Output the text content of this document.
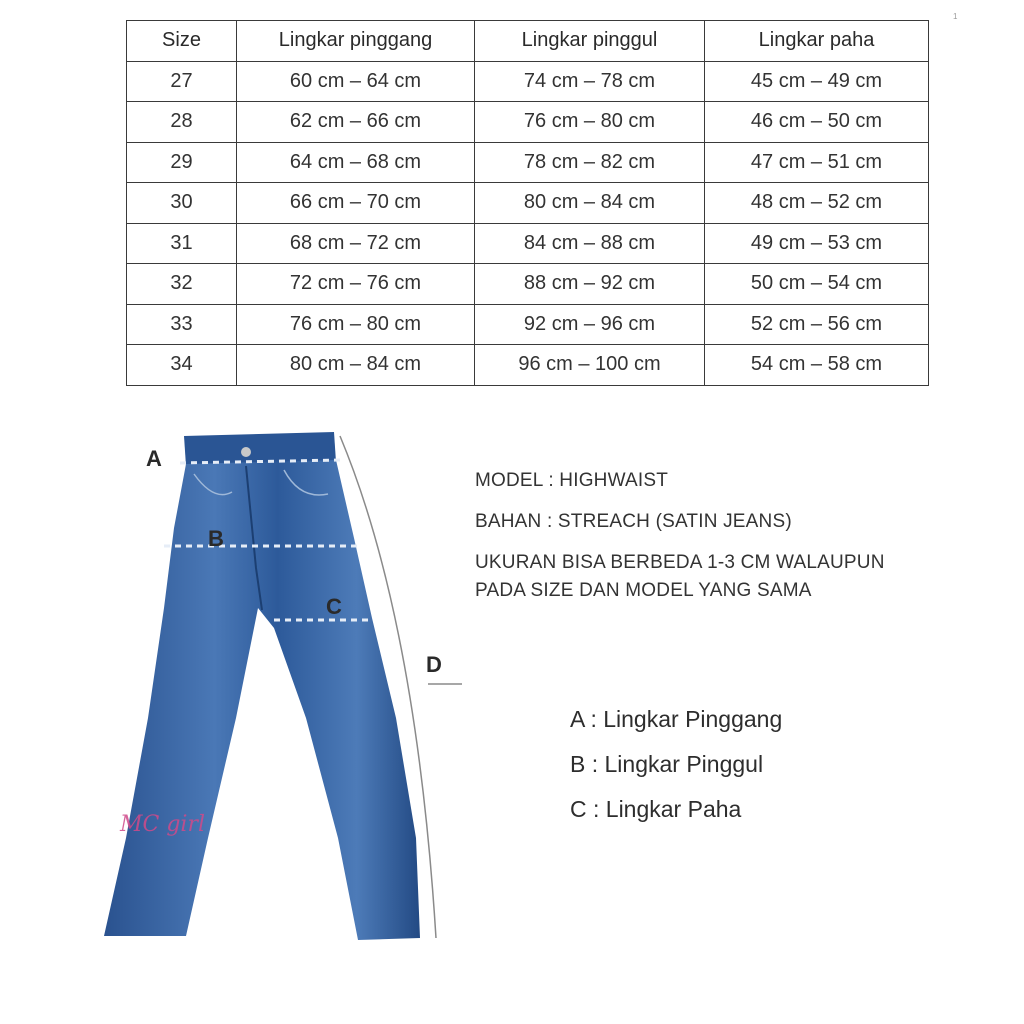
1
Size	Lingkar pinggang	Lingkar pinggul	Lingkar paha
27	60 cm – 64 cm	74 cm – 78 cm	45 cm – 49 cm
28	62 cm – 66 cm	76 cm – 80 cm	46 cm – 50 cm
29	64 cm – 68 cm	78 cm – 82 cm	47 cm – 51 cm
30	66 cm – 70 cm	80 cm – 84 cm	48 cm – 52 cm
31	68 cm – 72 cm	84 cm – 88 cm	49 cm – 53 cm
32	72 cm – 76 cm	88 cm – 92 cm	50 cm – 54 cm
33	76 cm – 80 cm	92 cm – 96 cm	52 cm – 56 cm
34	80 cm – 84 cm	96 cm – 100 cm	54 cm – 58 cm
A
B
C
D
MC girl
MODEL : HIGHWAIST
BAHAN : STREACH (SATIN JEANS)
UKURAN BISA BERBEDA 1-3 CM WALAUPUN
PADA SIZE DAN MODEL YANG SAMA
A : Lingkar Pinggang
B : Lingkar Pinggul
C : Lingkar Paha
